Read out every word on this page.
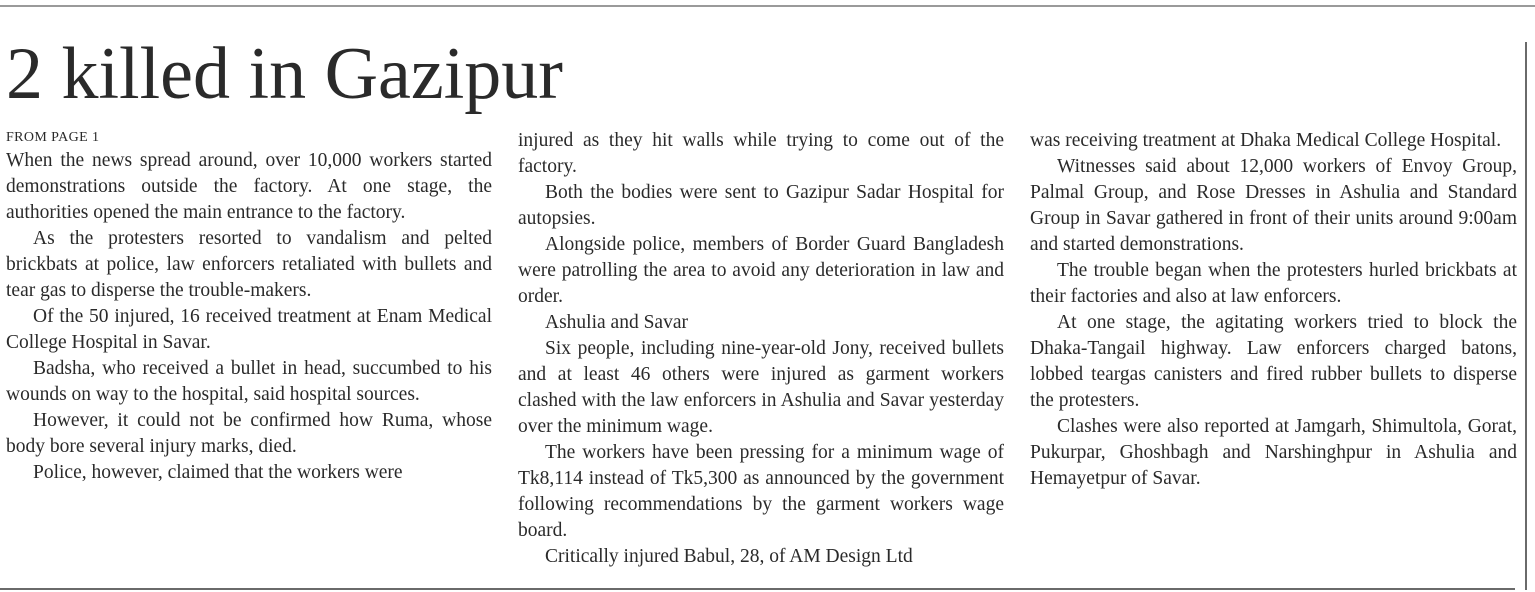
2 killed in Gazipur

FROM PAGE 1

When the news spread around, over 10,000 workers started demonstrations outside the factory. At one stage, the authorities opened the main entrance to the factory.

As the protesters resorted to vandalism and pelted brickbats at police, law enforcers retaliated with bullets and tear gas to disperse the trouble-makers.

Of the 50 injured, 16 received treatment at Enam Medical College Hospital in Savar.

Badsha, who received a bullet in head, succumbed to his wounds on way to the hospital, said hospital sources.

However, it could not be confirmed how Ruma, whose body bore several injury marks, died.

Police, however, claimed that the workers were

injured as they hit walls while trying to come out of the factory.

Both the bodies were sent to Gazipur Sadar Hospital for autopsies.

Alongside police, members of Border Guard Bangladesh were patrolling the area to avoid any deterioration in law and order.

Ashulia and Savar

Six people, including nine-year-old Jony, received bullets and at least 46 others were injured as garment workers clashed with the law enforcers in Ashulia and Savar yesterday over the minimum wage.

The workers have been pressing for a minimum wage of Tk8,114 instead of Tk5,300 as announced by the government following recommendations by the garment workers wage board.

Critically injured Babul, 28, of AM Design Ltd

was receiving treatment at Dhaka Medical College Hospital.

Witnesses said about 12,000 workers of Envoy Group, Palmal Group, and Rose Dresses in Ashulia and Standard Group in Savar gathered in front of their units around 9:00am and started demonstrations.

The trouble began when the protesters hurled brickbats at their factories and also at law enforcers.

At one stage, the agitating workers tried to block the Dhaka-Tangail highway. Law enforcers charged batons, lobbed teargas canisters and fired rubber bullets to disperse the protesters.

Clashes were also reported at Jamgarh, Shimultola, Gorat, Pukurpar, Ghoshbagh and Narshinghpur in Ashulia and Hemayetpur of Savar.
